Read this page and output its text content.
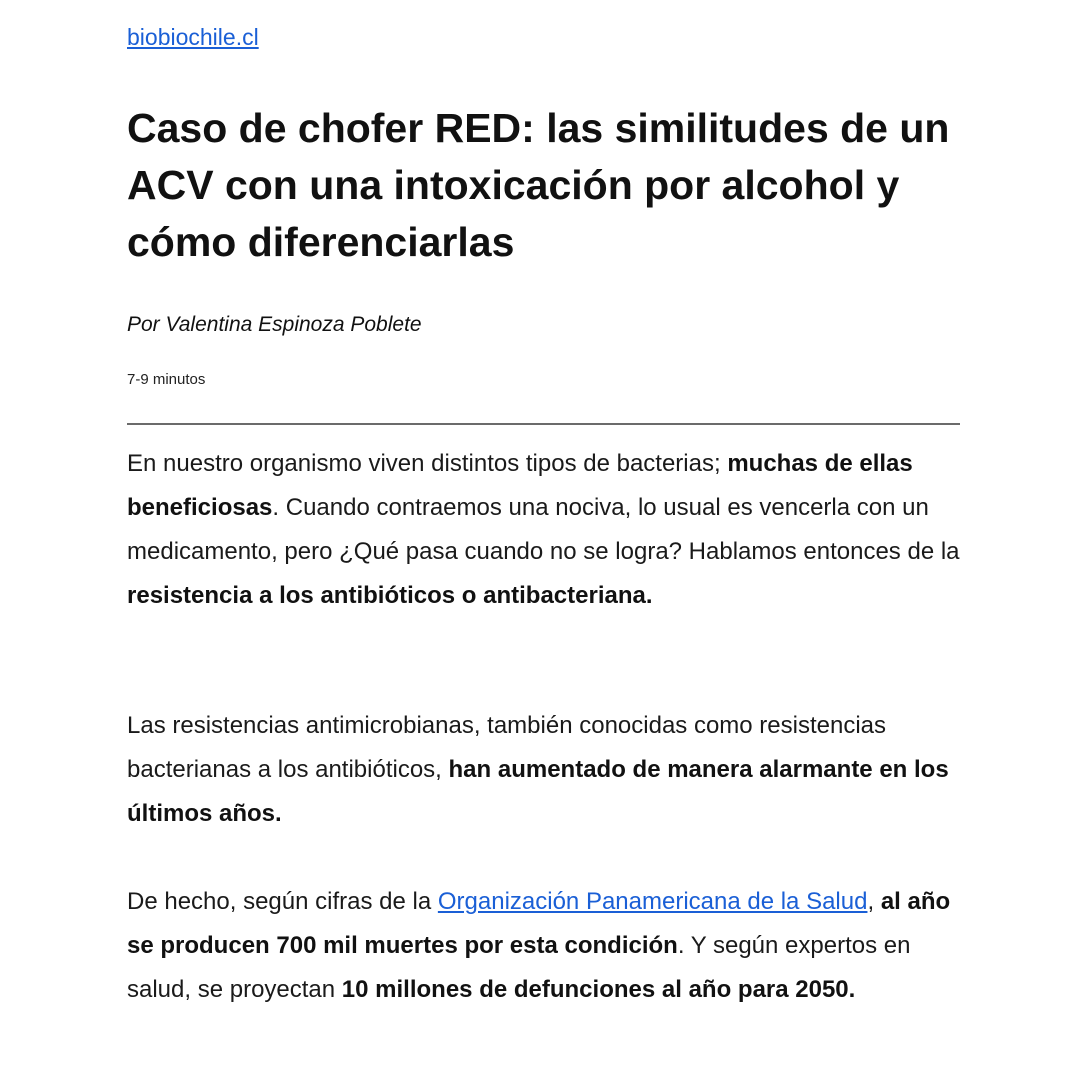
biobiochile.cl
Caso de chofer RED: las similitudes de un ACV con una intoxicación por alcohol y cómo diferenciarlas

Por Valentina Espinoza Poblete

7-9 minutos

En nuestro organismo viven distintos tipos de bacterias; muchas de ellas beneficiosas. Cuando contraemos una nociva, lo usual es vencerla con un medicamento, pero ¿Qué pasa cuando no se logra? Hablamos entonces de la resistencia a los antibióticos o antibacteriana.

Las resistencias antimicrobianas, también conocidas como resistencias bacterianas a los antibióticos, han aumentado de manera alarmante en los últimos años.

De hecho, según cifras de la Organización Panamericana de la Salud, al año se producen 700 mil muertes por esta condición. Y según expertos en salud, se proyectan 10 millones de defunciones al año para 2050.
